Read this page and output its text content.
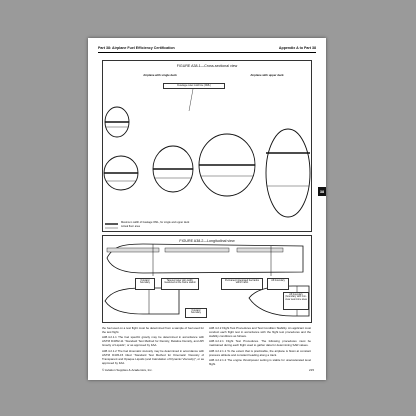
Part 38: Airplane Fuel Efficiency Certification	Appendix A to Part 38
38
FIGURE A38-1—Cross-sectional view
Airplane with single deck	Airplane with upper deck
Fuselage outer mold line (OML)
Maximum width of fuselage OML, for single and upper deck
Actual floor area
FIGURE A38-2—Longitudinal view
Forward boundary
Tapered outer skin width; measured at the frame station
Permanent integrated fuel tanks within cabin
Aft boundary
Forward boundary
Aft boundary (boundary with non-crew seat zone area

the fuel used on a test flight must be determined from a sample of fuel used for the test flight.

A38.4.2.1.1 The fuel specific gravity may be determined in accordance with ASTM D4052-11 “Standard Test Method for Density, Relative Density, and API Gravity of Liquids”, or as approved by FAA.

A38.4.2.1.2 The fuel kinematic viscosity may be determined in accordance with ASTM D445-15 titled “Standard Test Method for Kinematic Viscosity of Transparent and Opaque Liquids (and Calculation of Dynamic Viscosity)”, or as approved by FAA.

A38.4.2.2 Flight Test Procedures and Test Condition Stability. An applicant must conduct each flight test in accordance with the flight test procedures and the stability conditions as follows.

A38.4.2.2.1 Flight Test Procedures. The following procedures must be maintained during each flight used to gather data for determining SAR values.

A38.4.2.2.1.1 To the extent that is practicable, the airplane is flown at constant pressure altitude and constant heading along a track.

A38.4.2.2.1.2 The engine thrust/power setting is stable for unaccelerated level flight.

© Aviation Supplies & Academics, Inc.	215
